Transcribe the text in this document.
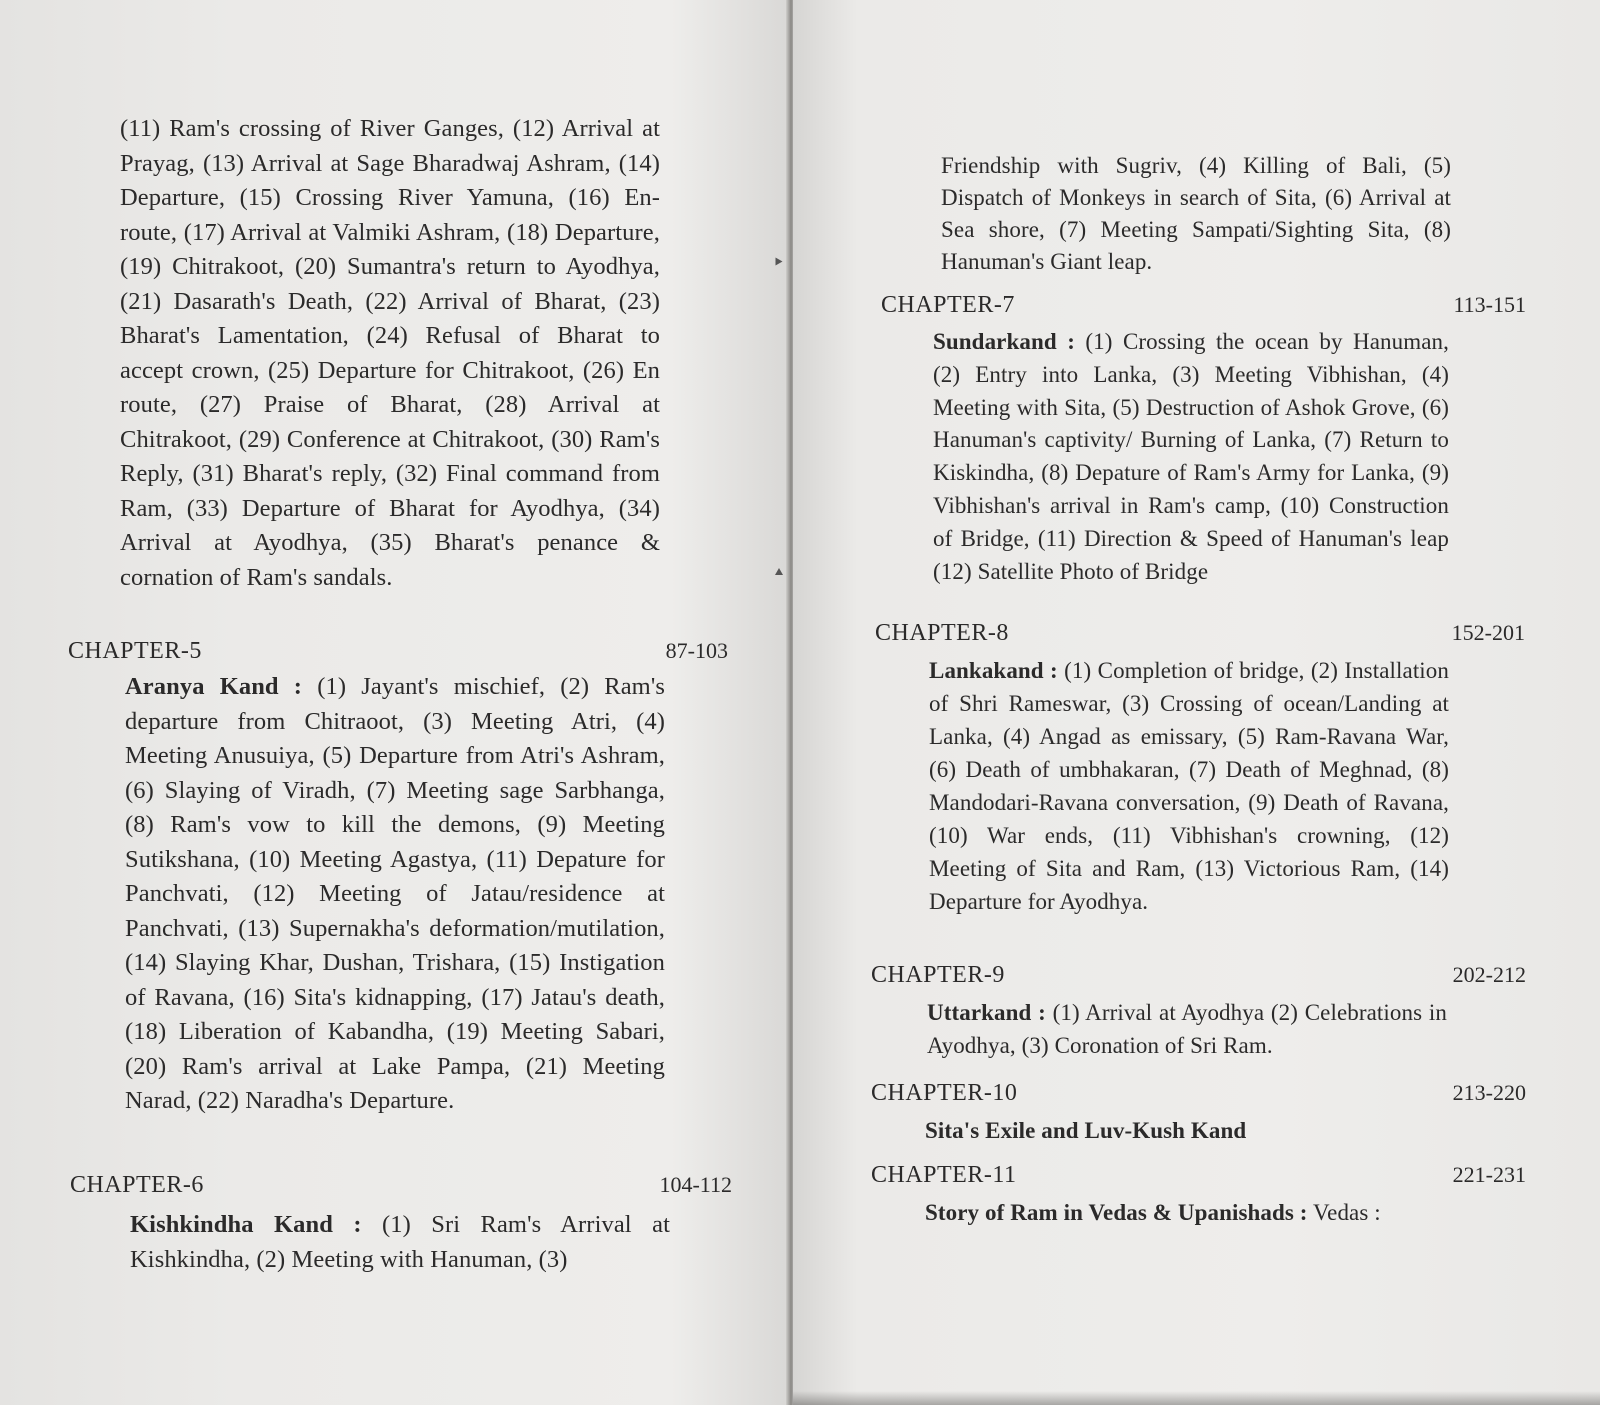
(11) Ram's crossing of River Ganges, (12) Arrival at Prayag, (13) Arrival at Sage Bharadwaj Ashram, (14) Departure, (15) Crossing River Yamuna, (16) En-route, (17) Arrival at Valmiki Ashram, (18) Departure, (19) Chitrakoot, (20) Sumantra's return to Ayodhya, (21) Dasarath's Death, (22) Arrival of Bharat, (23) Bharat's Lamentation, (24) Refusal of Bharat to accept crown, (25) Departure for Chitrakoot, (26) En route, (27) Praise of Bharat, (28) Arrival at Chitrakoot, (29) Conference at Chitrakoot, (30) Ram's Reply, (31) Bharat's reply, (32) Final command from Ram, (33) Departure of Bharat for Ayodhya, (34) Arrival at Ayodhya, (35) Bharat's penance & cornation of Ram's sandals.
CHAPTER-5	87-103
Aranya Kand : (1) Jayant's mischief, (2) Ram's departure from Chitraoot, (3) Meeting Atri, (4) Meeting Anusuiya, (5) Departure from Atri's Ashram, (6) Slaying of Viradh, (7) Meeting sage Sarbhanga, (8) Ram's vow to kill the demons, (9) Meeting Sutikshana, (10) Meeting Agastya, (11) Depature for Panchvati, (12) Meeting of Jatau/residence at Panchvati, (13) Supernakha's deformation/mutilation, (14) Slaying Khar, Dushan, Trishara, (15) Instigation of Ravana, (16) Sita's kidnapping, (17) Jatau's death, (18) Liberation of Kabandha, (19) Meeting Sabari, (20) Ram's arrival at Lake Pampa, (21) Meeting Narad, (22) Naradha's Departure.
CHAPTER-6	104-112
Kishkindha Kand : (1) Sri Ram's Arrival at Kishkindha, (2) Meeting with Hanuman, (3)
Friendship with Sugriv, (4) Killing of Bali, (5) Dispatch of Monkeys in search of Sita, (6) Arrival at Sea shore, (7) Meeting Sampati/Sighting Sita, (8) Hanuman's Giant leap.
CHAPTER-7	113-151
Sundarkand : (1) Crossing the ocean by Hanuman, (2) Entry into Lanka, (3) Meeting Vibhishan, (4) Meeting with Sita, (5) Destruction of Ashok Grove, (6) Hanuman's captivity/ Burning of Lanka, (7) Return to Kiskindha, (8) Depature of Ram's Army for Lanka, (9) Vibhishan's arrival in Ram's camp, (10) Construction of Bridge, (11) Direction & Speed of Hanuman's leap (12) Satellite Photo of Bridge
CHAPTER-8	152-201
Lankakand : (1) Completion of bridge, (2) Installation of Shri Rameswar, (3) Crossing of ocean/Landing at Lanka, (4) Angad as emissary, (5) Ram-Ravana War, (6) Death of umbhakaran, (7) Death of Meghnad, (8) Mandodari-Ravana conversation, (9) Death of Ravana, (10) War ends, (11) Vibhishan's crowning, (12) Meeting of Sita and Ram, (13) Victorious Ram, (14) Departure for Ayodhya.
CHAPTER-9	202-212
Uttarkand : (1) Arrival at Ayodhya (2) Celebrations in Ayodhya, (3) Coronation of Sri Ram.
CHAPTER-10	213-220
Sita's Exile and Luv-Kush Kand
CHAPTER-11	221-231
Story of Ram in Vedas & Upanishads : Vedas :
